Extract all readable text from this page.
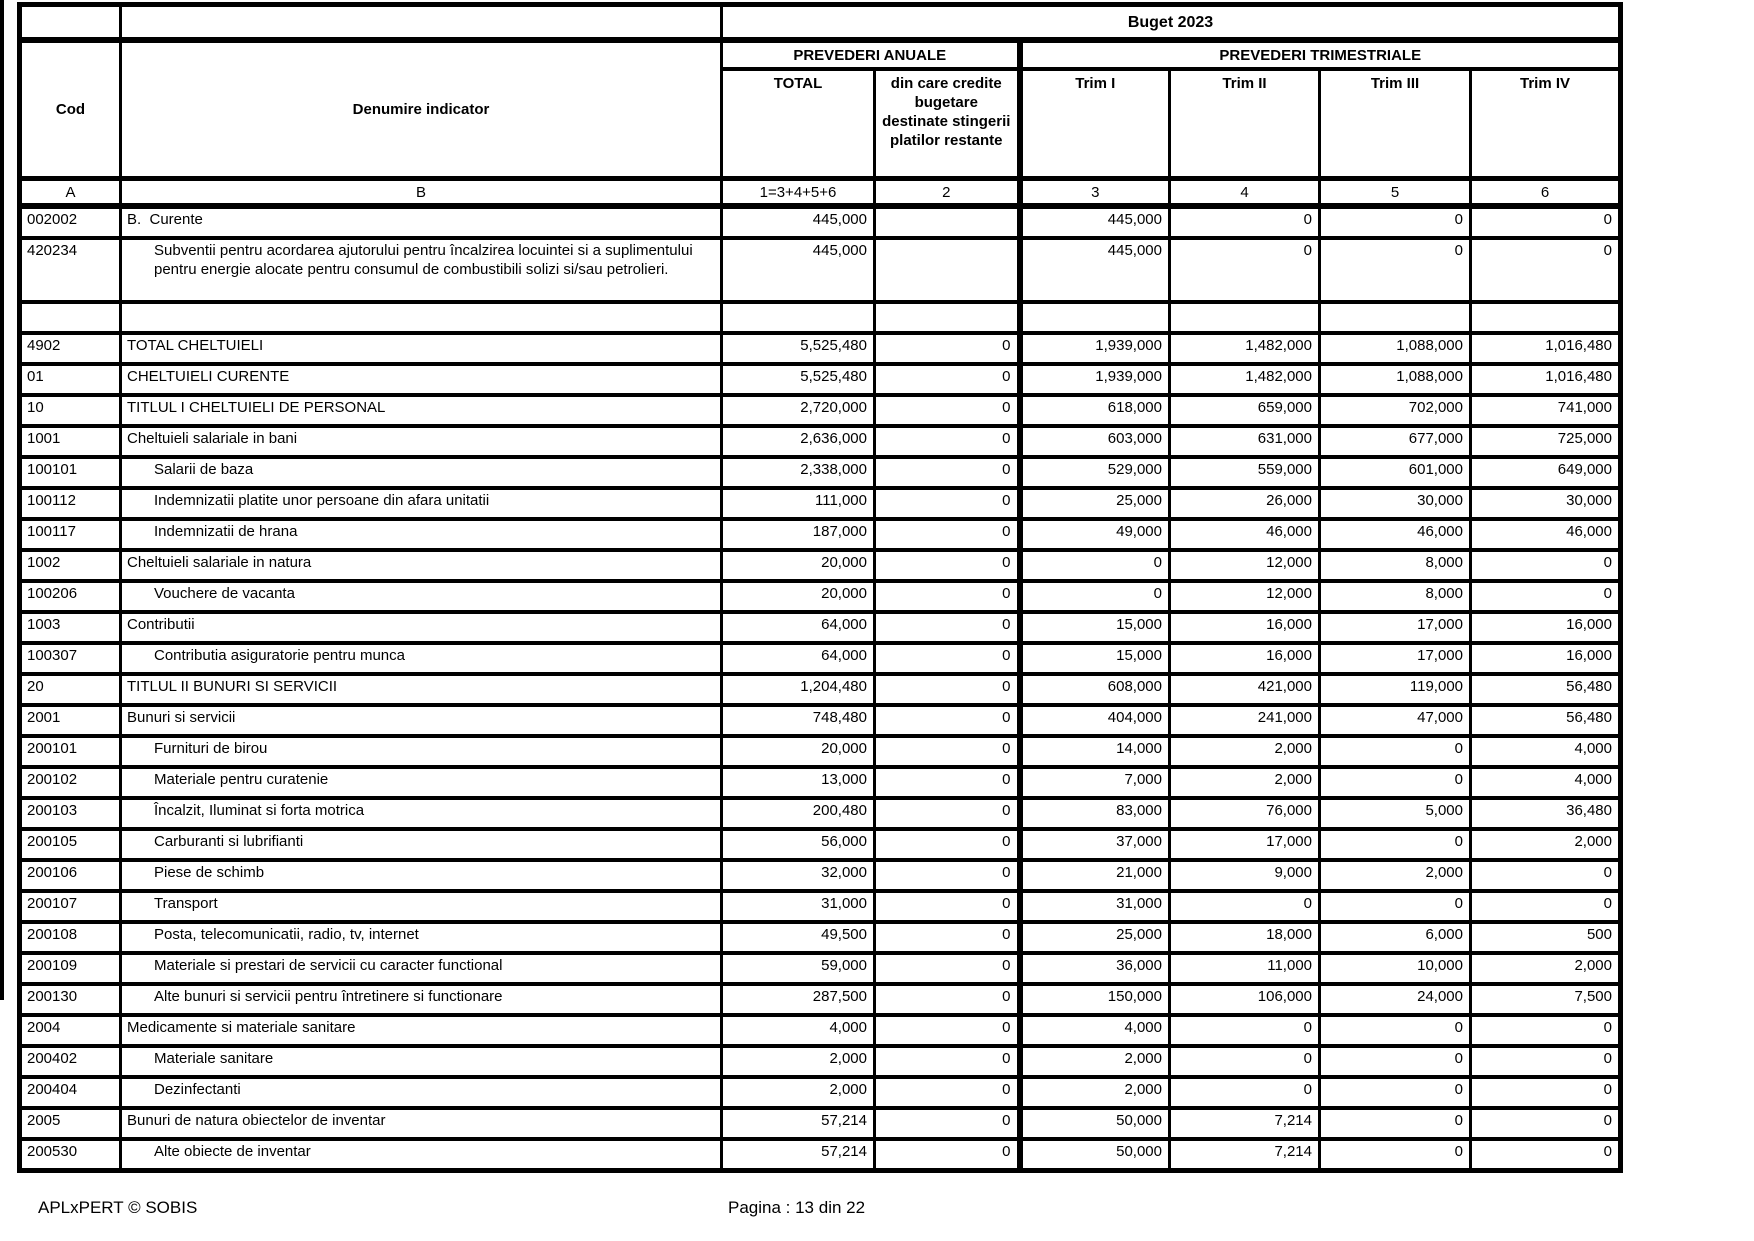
		Buget 2023					
Cod	Denumire indicator	PREVEDERI ANUALE		PREVEDERI TRIMESTRIALE			
		TOTAL	din care credite bugetare destinate stingerii platilor restante	Trim I	Trim II	Trim III	Trim IV
A	B	1=3+4+5+6	2	3	4	5	6
002002	B.  Curente	445,000		445,000	0	0	0
420234	Subventii pentru acordarea ajutorului pentru încalzirea locuintei si a suplimentului pentru energie alocate pentru consumul de combustibili solizi si/sau petrolieri.	445,000		445,000	0	0	0

4902	TOTAL CHELTUIELI	5,525,480	0	1,939,000	1,482,000	1,088,000	1,016,480
01	CHELTUIELI CURENTE	5,525,480	0	1,939,000	1,482,000	1,088,000	1,016,480
10	TITLUL I CHELTUIELI DE PERSONAL	2,720,000	0	618,000	659,000	702,000	741,000
1001	Cheltuieli salariale in bani	2,636,000	0	603,000	631,000	677,000	725,000
100101	Salarii de baza	2,338,000	0	529,000	559,000	601,000	649,000
100112	Indemnizatii platite unor persoane din afara unitatii	111,000	0	25,000	26,000	30,000	30,000
100117	Indemnizatii de hrana	187,000	0	49,000	46,000	46,000	46,000
1002	Cheltuieli salariale in natura	20,000	0	0	12,000	8,000	0
100206	Vouchere de vacanta	20,000	0	0	12,000	8,000	0
1003	Contributii	64,000	0	15,000	16,000	17,000	16,000
100307	Contributia asiguratorie pentru munca	64,000	0	15,000	16,000	17,000	16,000
20	TITLUL II BUNURI SI SERVICII	1,204,480	0	608,000	421,000	119,000	56,480
2001	Bunuri si servicii	748,480	0	404,000	241,000	47,000	56,480
200101	Furnituri de birou	20,000	0	14,000	2,000	0	4,000
200102	Materiale pentru curatenie	13,000	0	7,000	2,000	0	4,000
200103	Încalzit, Iluminat si forta motrica	200,480	0	83,000	76,000	5,000	36,480
200105	Carburanti si lubrifianti	56,000	0	37,000	17,000	0	2,000
200106	Piese de schimb	32,000	0	21,000	9,000	2,000	0
200107	Transport	31,000	0	31,000	0	0	0
200108	Posta, telecomunicatii, radio, tv, internet	49,500	0	25,000	18,000	6,000	500
200109	Materiale si prestari de servicii cu caracter functional	59,000	0	36,000	11,000	10,000	2,000
200130	Alte bunuri si servicii pentru întretinere si functionare	287,500	0	150,000	106,000	24,000	7,500
2004	Medicamente si materiale sanitare	4,000	0	4,000	0	0	0
200402	Materiale sanitare	2,000	0	2,000	0	0	0
200404	Dezinfectanti	2,000	0	2,000	0	0	0
2005	Bunuri de natura obiectelor de inventar	57,214	0	50,000	7,214	0	0
200530	Alte obiecte de inventar	57,214	0	50,000	7,214	0	0
APLxPERT © SOBIS	Pagina : 13 din 22
